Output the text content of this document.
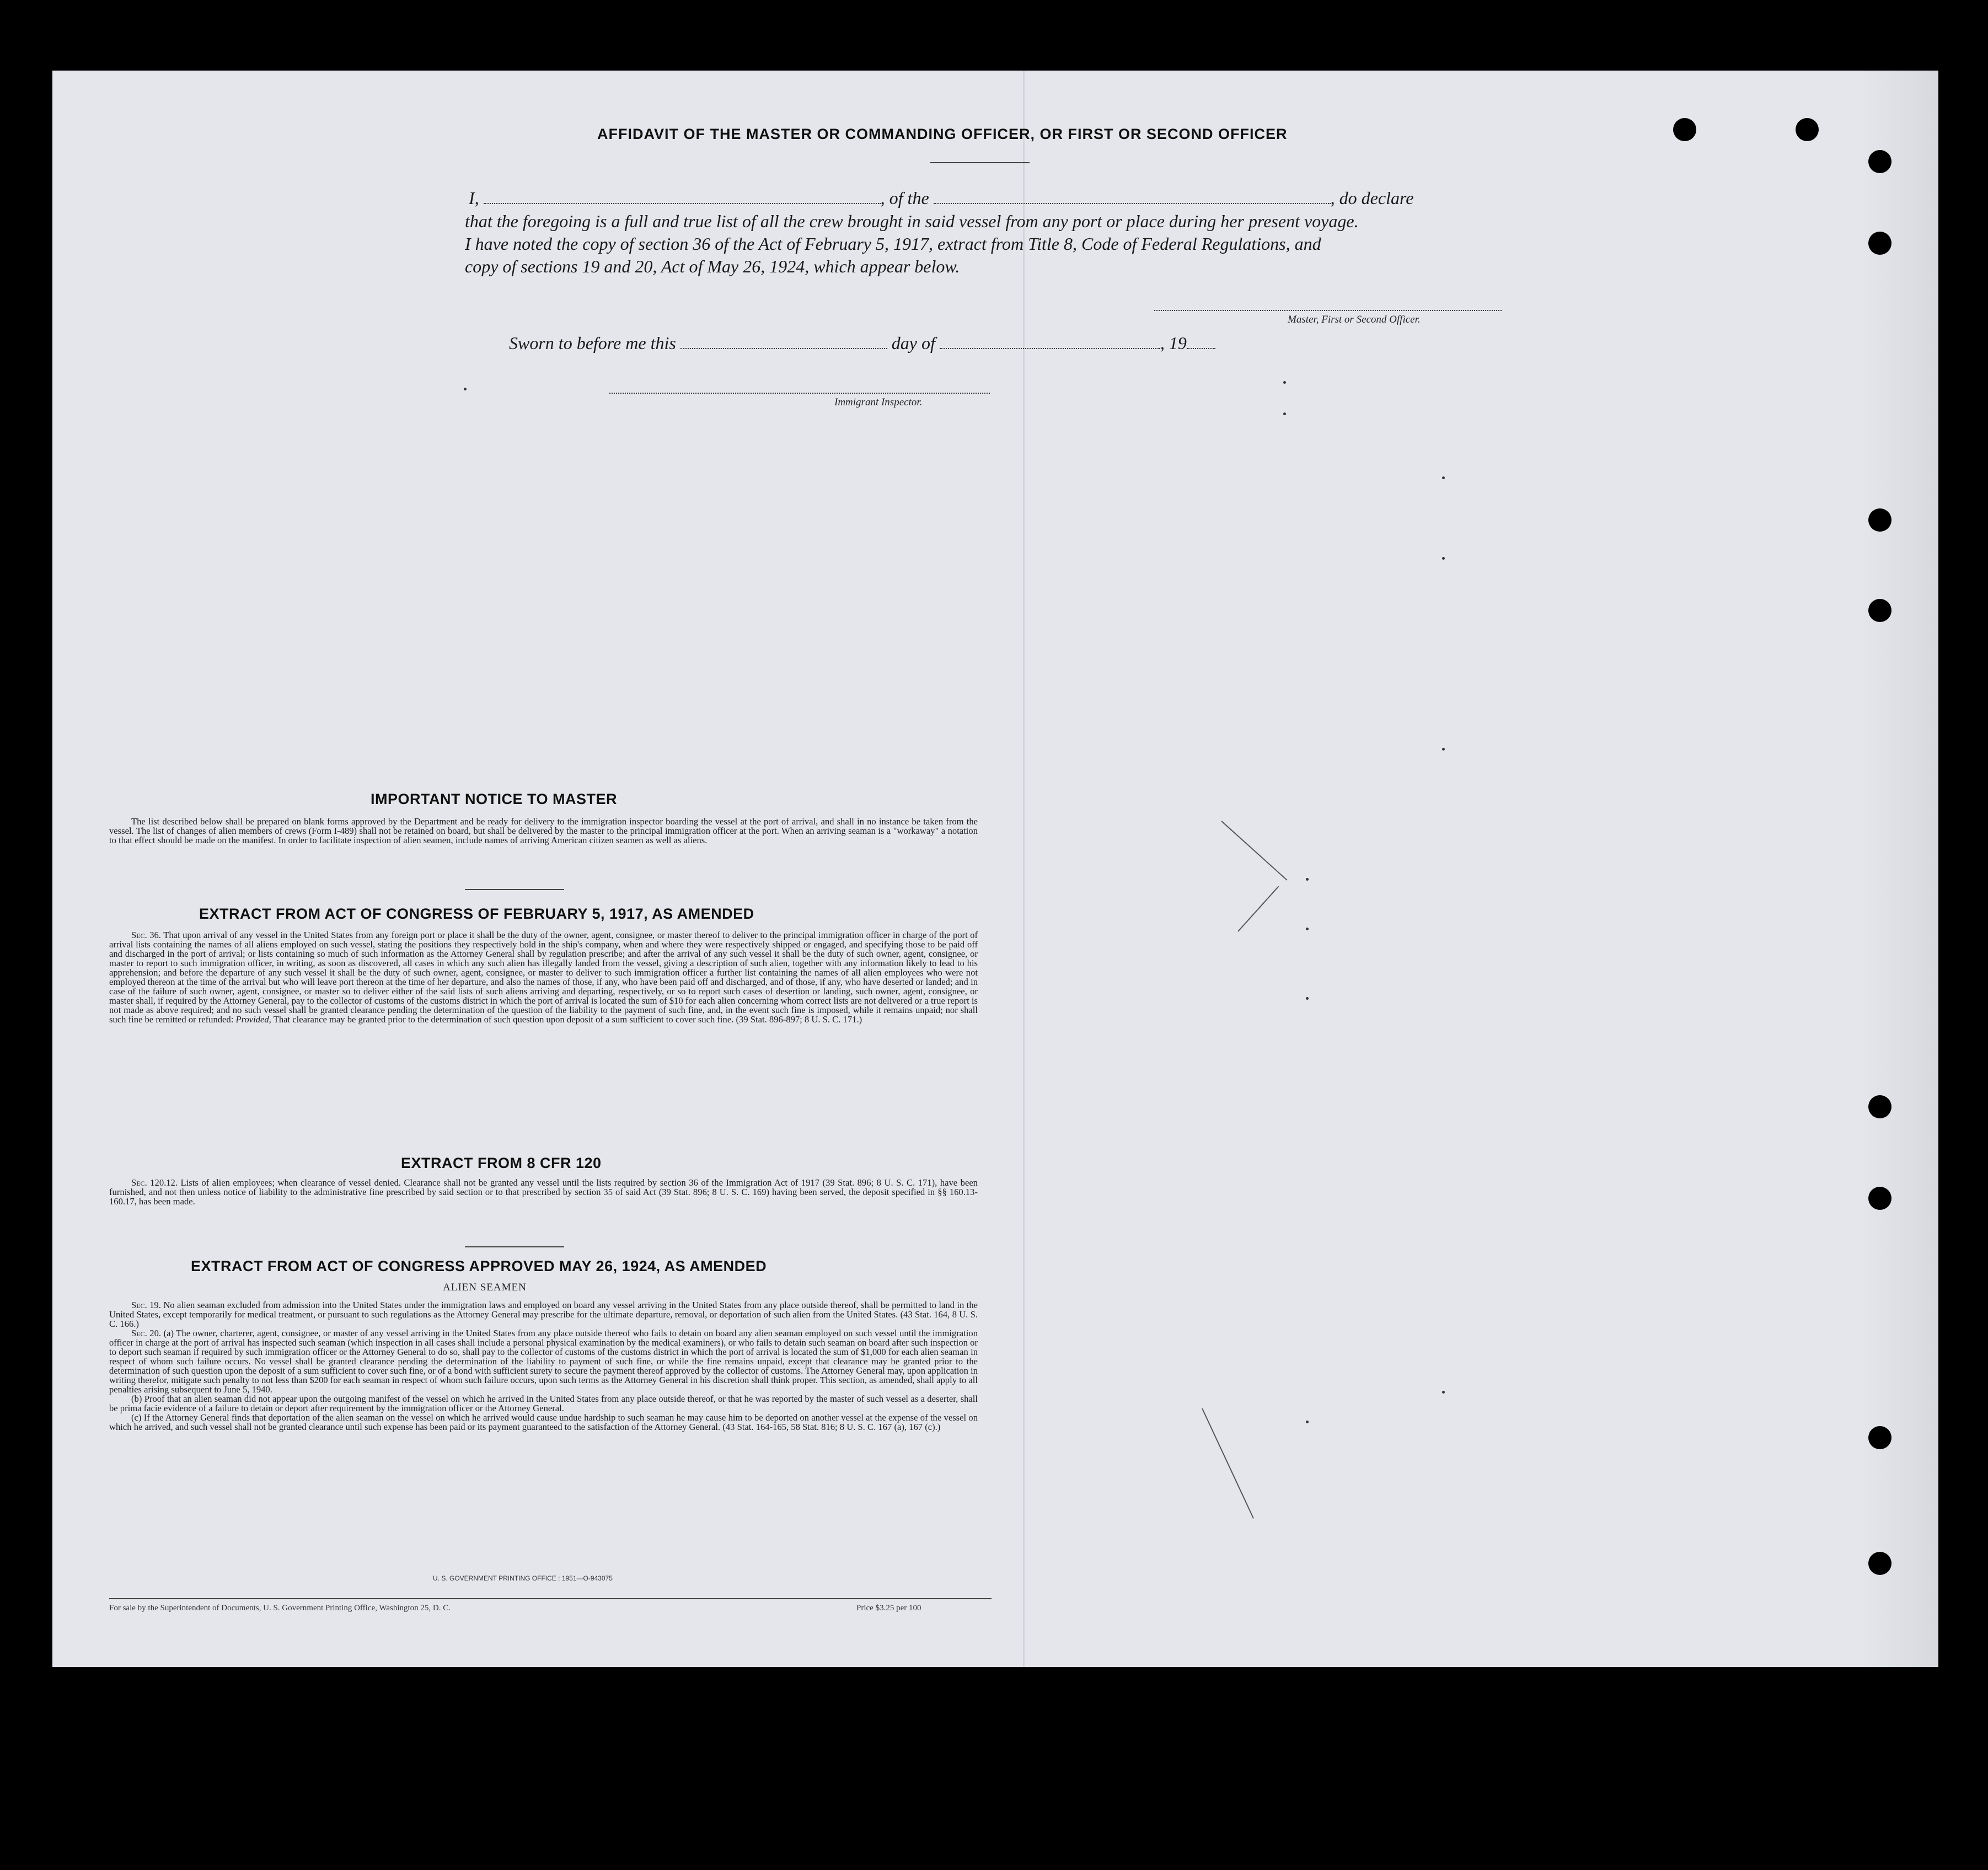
AFFIDAVIT OF THE MASTER OR COMMANDING OFFICER, OR FIRST OR SECOND OFFICER
I,	, of the	, do declare
that the foregoing is a full and true list of all the crew brought in said vessel from any port or place during her present voyage.
I have noted the copy of section 36 of the Act of February 5, 1917, extract from Title 8, Code of Federal Regulations, and
copy of sections 19 and 20, Act of May 26, 1924, which appear below.
Master, First or Second Officer.
Sworn to before me this	day of	, 19
Immigrant Inspector.
IMPORTANT NOTICE TO MASTER
The list described below shall be prepared on blank forms approved by the Department and be ready for delivery to the immigration inspector boarding the vessel at the port of arrival, and shall in no instance be taken from the vessel. The list of changes of alien members of crews (Form I-489) shall not be retained on board, but shall be delivered by the master to the principal immigration officer at the port. When an arriving seaman is a "workaway" a notation to that effect should be made on the manifest. In order to facilitate inspection of alien seamen, include names of arriving American citizen seamen as well as aliens.
EXTRACT FROM ACT OF CONGRESS OF FEBRUARY 5, 1917, AS AMENDED

Sec. 36. That upon arrival of any vessel in the United States from any foreign port or place it shall be the duty of the owner, agent, consignee, or master thereof to deliver to the principal immigration officer in charge of the port of arrival lists containing the names of all aliens employed on such vessel, stating the positions they respectively hold in the ship's company, when and where they were respectively shipped or engaged, and specifying those to be paid off and discharged in the port of arrival; or lists containing so much of such information as the Attorney General shall by regulation prescribe; and after the arrival of any such vessel it shall be the duty of such owner, agent, consignee, or master to report to such immigration officer, in writing, as soon as discovered, all cases in which any such alien has illegally landed from the vessel, giving a description of such alien, together with any information likely to lead to his apprehension; and before the departure of any such vessel it shall be the duty of such owner, agent, consignee, or master to deliver to such immigration officer a further list containing the names of all alien employees who were not employed thereon at the time of the arrival but who will leave port thereon at the time of her departure, and also the names of those, if any, who have been paid off and discharged, and of those, if any, who have deserted or landed; and in case of the failure of such owner, agent, consignee, or master so to deliver either of the said lists of such aliens arriving and departing, respectively, or so to report such cases of desertion or landing, such owner, agent, consignee, or master shall, if required by the Attorney General, pay to the collector of customs of the customs district in which the port of arrival is located the sum of $10 for each alien concerning whom correct lists are not delivered or a true report is not made as above required; and no such vessel shall be granted clearance pending the determination of the question of the liability to the payment of such fine, and, in the event such fine is imposed, while it remains unpaid; nor shall such fine be remitted or refunded: Provided, That clearance may be granted prior to the determination of such question upon deposit of a sum sufficient to cover such fine. (39 Stat. 896-897; 8 U. S. C. 171.)

EXTRACT FROM 8 CFR 120

Sec. 120.12. Lists of alien employees; when clearance of vessel denied. Clearance shall not be granted any vessel until the lists required by section 36 of the Immigration Act of 1917 (39 Stat. 896; 8 U. S. C. 171), have been furnished, and not then unless notice of liability to the administrative fine prescribed by said section or to that prescribed by section 35 of said Act (39 Stat. 896; 8 U. S. C. 169) having been served, the deposit specified in §§ 160.13-160.17, has been made.

EXTRACT FROM ACT OF CONGRESS APPROVED MAY 26, 1924, AS AMENDED
ALIEN SEAMEN

Sec. 19. No alien seaman excluded from admission into the United States under the immigration laws and employed on board any vessel arriving in the United States from any place outside thereof, shall be permitted to land in the United States, except temporarily for medical treatment, or pursuant to such regulations as the Attorney General may prescribe for the ultimate departure, removal, or deportation of such alien from the United States. (43 Stat. 164, 8 U. S. C. 166.)

Sec. 20. (a) The owner, charterer, agent, consignee, or master of any vessel arriving in the United States from any place outside thereof who fails to detain on board any alien seaman employed on such vessel until the immigration officer in charge at the port of arrival has inspected such seaman (which inspection in all cases shall include a personal physical examination by the medical examiners), or who fails to detain such seaman on board after such inspection or to deport such seaman if required by such immigration officer or the Attorney General to do so, shall pay to the collector of customs of the customs district in which the port of arrival is located the sum of $1,000 for each alien seaman in respect of whom such failure occurs. No vessel shall be granted clearance pending the determination of the liability to payment of such fine, or while the fine remains unpaid, except that clearance may be granted prior to the determination of such question upon the deposit of a sum sufficient to cover such fine, or of a bond with sufficient surety to secure the payment thereof approved by the collector of customs. The Attorney General may, upon application in writing therefor, mitigate such penalty to not less than $200 for each seaman in respect of whom such failure occurs, upon such terms as the Attorney General in his discretion shall think proper. This section, as amended, shall apply to all penalties arising subsequent to June 5, 1940.

(b) Proof that an alien seaman did not appear upon the outgoing manifest of the vessel on which he arrived in the United States from any place outside thereof, or that he was reported by the master of such vessel as a deserter, shall be prima facie evidence of a failure to detain or deport after requirement by the immigration officer or the Attorney General.

(c) If the Attorney General finds that deportation of the alien seaman on the vessel on which he arrived would cause undue hardship to such seaman he may cause him to be deported on another vessel at the expense of the vessel on which he arrived, and such vessel shall not be granted clearance until such expense has been paid or its payment guaranteed to the satisfaction of the Attorney General. (43 Stat. 164-165, 58 Stat. 816; 8 U. S. C. 167 (a), 167 (c).)

U. S. GOVERNMENT PRINTING OFFICE : 1951—O-943075
For sale by the Superintendent of Documents, U. S. Government Printing Office, Washington 25, D. C.	Price $3.25 per 100
